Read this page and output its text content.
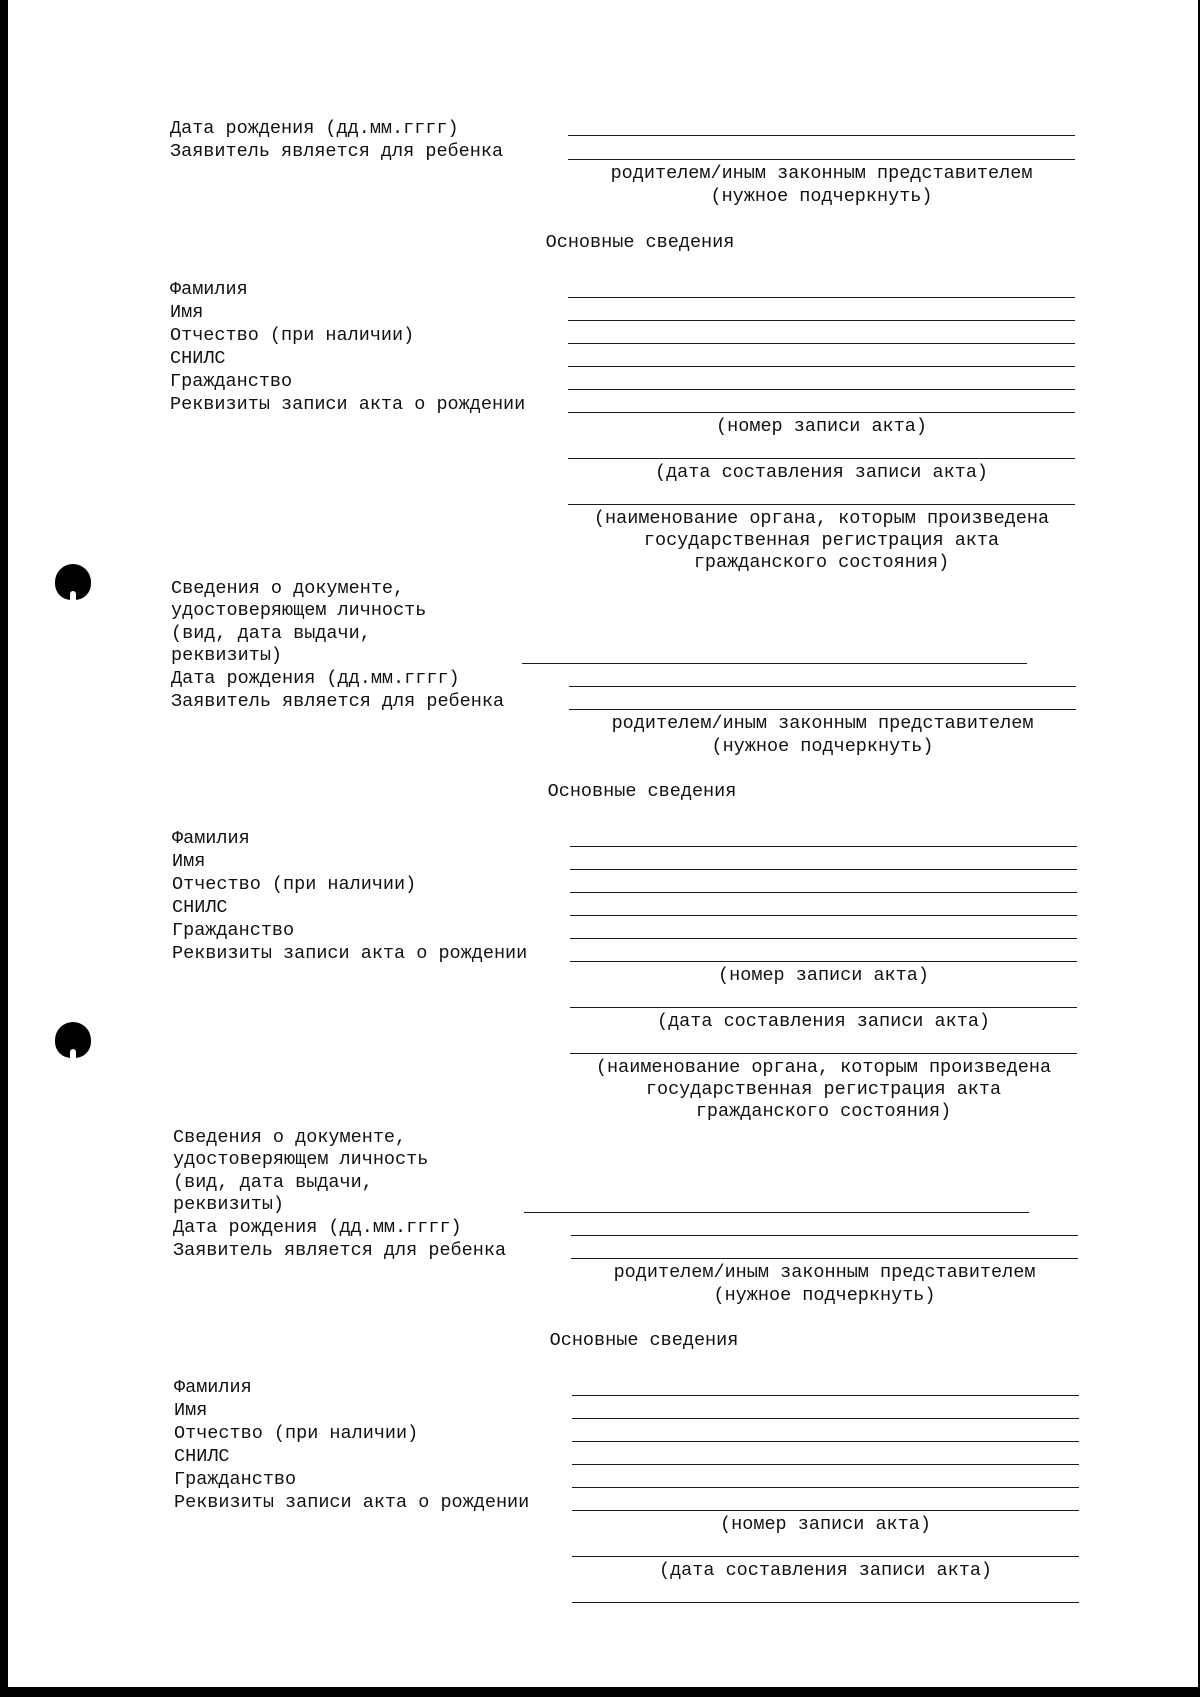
Дата рождения (дд.мм.гггг)
Заявитель является для ребенка
родителем/иным законным представителем
(нужное подчеркнуть)
Основные сведения
Фамилия
Имя
Отчество (при наличии)
СНИЛС
Гражданство
Реквизиты записи акта о рождении
(номер записи акта)
(дата составления записи акта)
(наименование органа, которым произведена
государственная регистрация акта
гражданского состояния)
Сведения о документе,
удостоверяющем личность
(вид, дата выдачи,
реквизиты)
Дата рождения (дд.мм.гггг)
Заявитель является для ребенка
родителем/иным законным представителем
(нужное подчеркнуть)
Основные сведения
Фамилия
Имя
Отчество (при наличии)
СНИЛС
Гражданство
Реквизиты записи акта о рождении
(номер записи акта)
(дата составления записи акта)
(наименование органа, которым произведена
государственная регистрация акта
гражданского состояния)
Сведения о документе,
удостоверяющем личность
(вид, дата выдачи,
реквизиты)
Дата рождения (дд.мм.гггг)
Заявитель является для ребенка
родителем/иным законным представителем
(нужное подчеркнуть)
Основные сведения
Фамилия
Имя
Отчество (при наличии)
СНИЛС
Гражданство
Реквизиты записи акта о рождении
(номер записи акта)
(дата составления записи акта)
